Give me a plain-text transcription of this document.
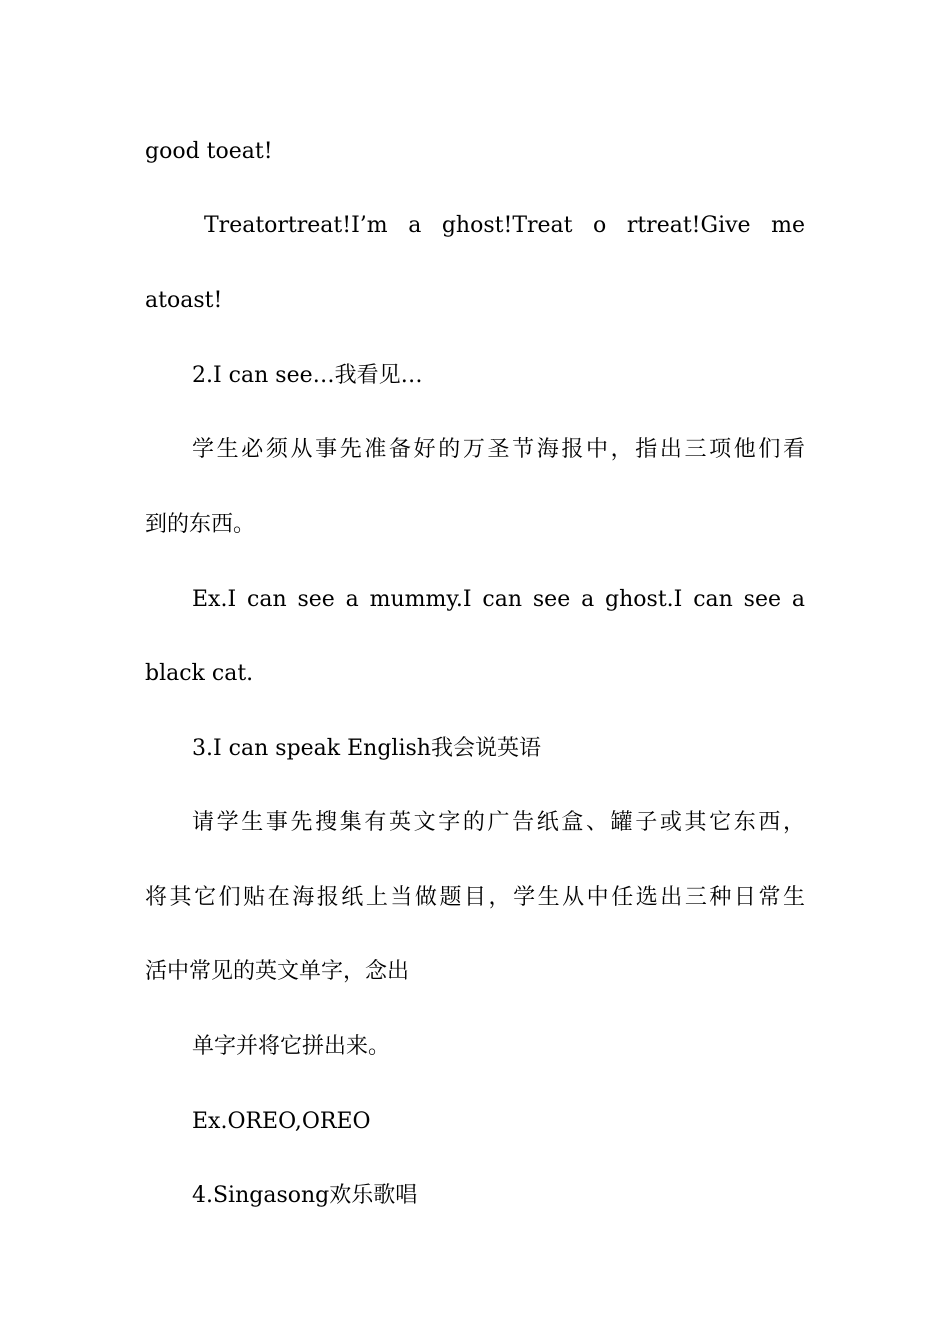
good toeat!
Treatortreat!I’m a ghost!Treat o rtreat!Give me
atoast!
2.I can see…我看见…
学生必须从事先准备好的万圣节海报中，指出三项他们看
到的东西。
Ex.I can see a mummy.I can see a ghost.I can see a
black cat.
3.I can speak English我会说英语
请学生事先搜集有英文字的广告纸盒、罐子或其它东西，
将其它们贴在海报纸上当做题目，学生从中任选出三种日常生
活中常见的英文单字，念出
单字并将它拼出来。
Ex.OREO,OREO
4.Singasong欢乐歌唱
